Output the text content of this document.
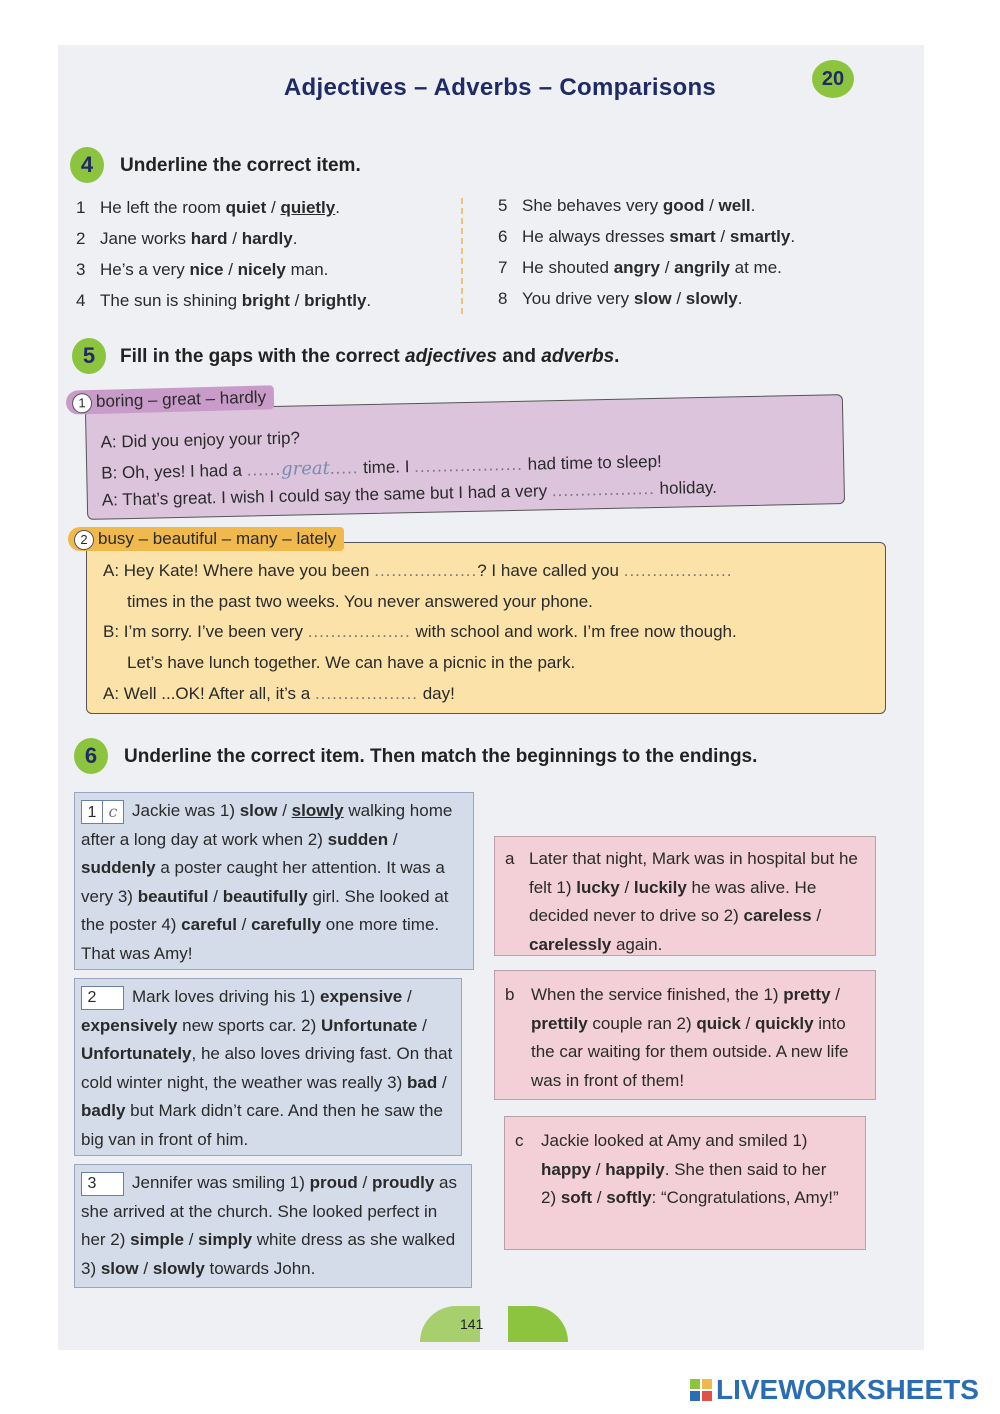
Adjectives – Adverbs – Comparisons	20
4	Underline the correct item.
1 He left the room quiet / quietly.
2 Jane works hard / hardly.
3 He’s a very nice / nicely man.
4 The sun is shining bright / brightly.
5 She behaves very good / well.
6 He always dresses smart / smartly.
7 He shouted angry / angrily at me.
8 You drive very slow / slowly.
5	Fill in the gaps with the correct adjectives and adverbs.
A: Did you enjoy your trip?
B: Oh, yes! I had a ......great..... time. I ................... had time to sleep!
A: That’s great. I wish I could say the same but I had a very .................. holiday.
1 boring – great – hardly
A: Hey Kate! Where have you been ..................? I have called you ...................
times in the past two weeks. You never answered your phone.
B: I’m sorry. I’ve been very .................. with school and work. I’m free now though.
Let’s have lunch together. We can have a picnic in the park.
A: Well ...OK! After all, it’s a .................. day!
2 busy – beautiful – many – lately
6	Underline the correct item. Then match the beginnings to the endings.
1 c Jackie was 1) slow / slowly walking home after a long day at work when 2) sudden / suddenly a poster caught her attention. It was a very 3) beautiful / beautifully girl. She looked at the poster 4) careful / carefully one more time. That was Amy!
2 Mark loves driving his 1) expensive / expensively new sports car. 2) Unfortunate / Unfortunately, he also loves driving fast. On that cold winter night, the weather was really 3) bad / badly but Mark didn’t care. And then he saw the big van in front of him.
3 Jennifer was smiling 1) proud / proudly as she arrived at the church. She looked perfect in her 2) simple / simply white dress as she walked 3) slow / slowly towards John.
a Later that night, Mark was in hospital but he felt 1) lucky / luckily he was alive. He decided never to drive so 2) careless / carelessly again.
b When the service finished, the 1) pretty / prettily couple ran 2) quick / quickly into the car waiting for them outside. A new life was in front of them!
c	Jackie looked at Amy and smiled 1) happy / happily. She then said to her 2) soft / softly: “Congratulations, Amy!”
141
LIVEWORKSHEETS
